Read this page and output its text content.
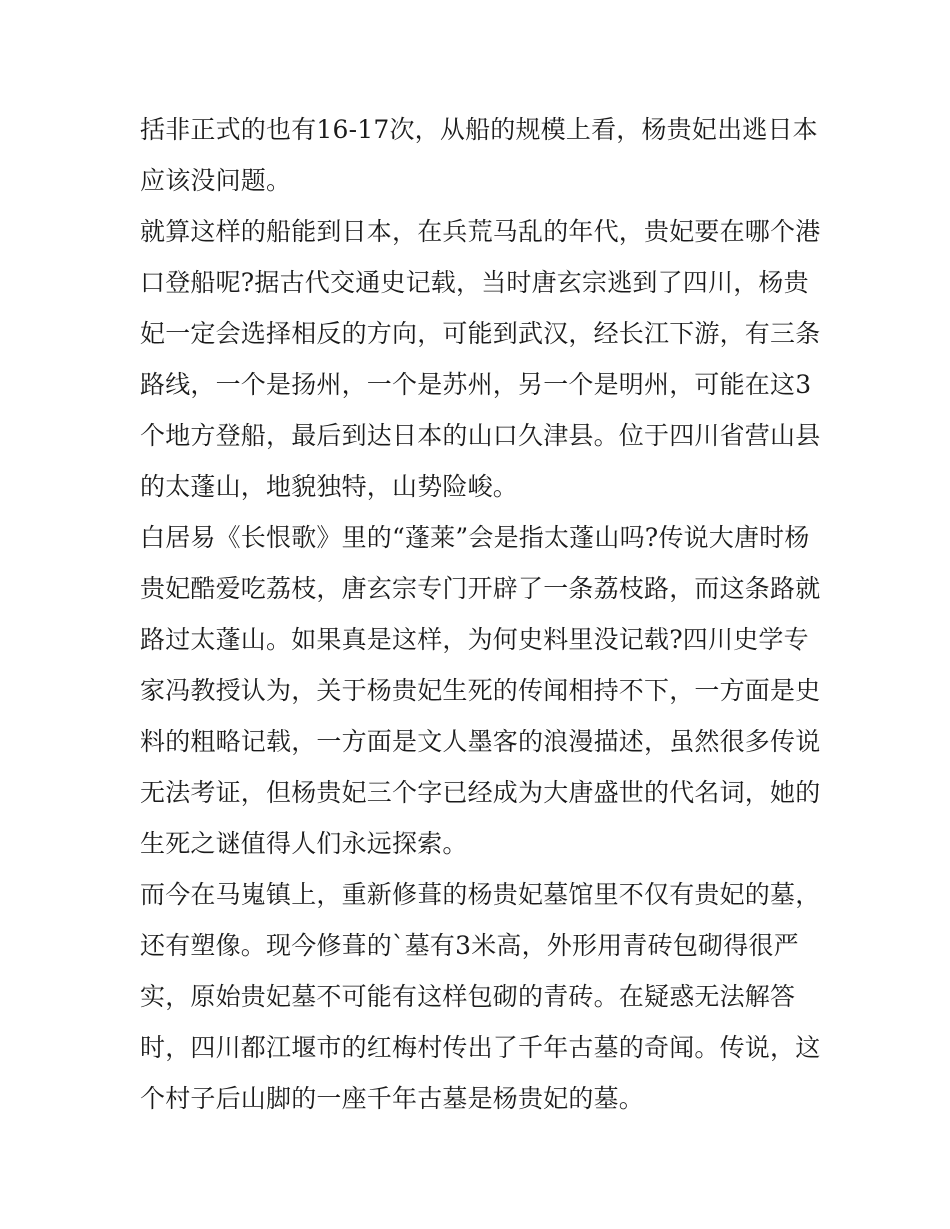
括非正式的也有16-17次，从船的规模上看，杨贵妃出逃日本
应该没问题。
就算这样的船能到日本，在兵荒马乱的年代，贵妃要在哪个港
口登船呢?据古代交通史记载，当时唐玄宗逃到了四川，杨贵
妃一定会选择相反的方向，可能到武汉，经长江下游，有三条
路线，一个是扬州，一个是苏州，另一个是明州，可能在这3
个地方登船，最后到达日本的山口久津县。位于四川省营山县
的太蓬山，地貌独特，山势险峻。
白居易《长恨歌》里的“蓬莱”会是指太蓬山吗?传说大唐时杨
贵妃酷爱吃荔枝，唐玄宗专门开辟了一条荔枝路，而这条路就
路过太蓬山。如果真是这样，为何史料里没记载?四川史学专
家冯教授认为，关于杨贵妃生死的传闻相持不下，一方面是史
料的粗略记载，一方面是文人墨客的浪漫描述，虽然很多传说
无法考证，但杨贵妃三个字已经成为大唐盛世的代名词，她的
生死之谜值得人们永远探索。
而今在马嵬镇上，重新修葺的杨贵妃墓馆里不仅有贵妃的墓，
还有塑像。现今修葺的`墓有3米高，外形用青砖包砌得很严
实，原始贵妃墓不可能有这样包砌的青砖。在疑惑无法解答
时，四川都江堰市的红梅村传出了千年古墓的奇闻。传说，这
个村子后山脚的一座千年古墓是杨贵妃的墓。
